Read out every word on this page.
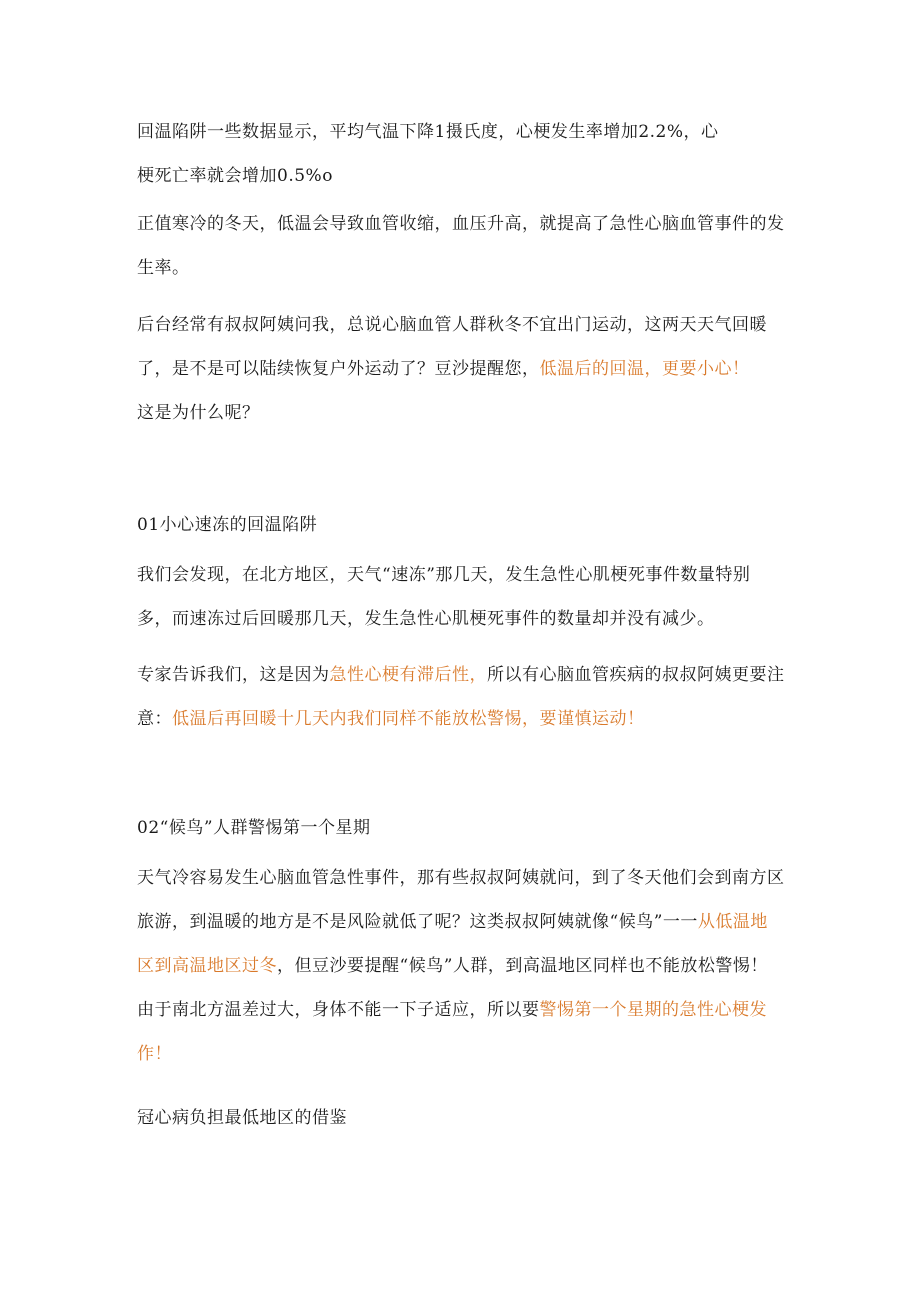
回温陷阱一些数据显示，平均气温下降1摄氏度，心梗发生率增加2.2%，心
梗死亡率就会增加0.5%o

正值寒冷的冬天，低温会导致血管收缩，血压升高，就提高了急性心脑血管事件的发生率。

后台经常有叔叔阿姨问我，总说心脑血管人群秋冬不宜出门运动，这两天天气回暖了，是不是可以陆续恢复户外运动了？豆沙提醒您，低温后的回温，更要小心！
这是为什么呢？

01小心速冻的回温陷阱

我们会发现，在北方地区，天气“速冻”那几天，发生急性心肌梗死事件数量特别多，而速冻过后回暖那几天，发生急性心肌梗死事件的数量却并没有减少。

专家告诉我们，这是因为急性心梗有滞后性，所以有心脑血管疾病的叔叔阿姨更要注意：低温后再回暖十几天内我们同样不能放松警惕，要谨慎运动！

02“候鸟”人群警惕第一个星期

天气冷容易发生心脑血管急性事件，那有些叔叔阿姨就问，到了冬天他们会到南方区旅游，到温暖的地方是不是风险就低了呢？这类叔叔阿姨就像“候鸟”一一从低温地区到高温地区过冬，但豆沙要提醒“候鸟”人群，到高温地区同样也不能放松警惕！由于南北方温差过大，身体不能一下子适应，所以要警惕第一个星期的急性心梗发作！

冠心病负担最低地区的借鉴
